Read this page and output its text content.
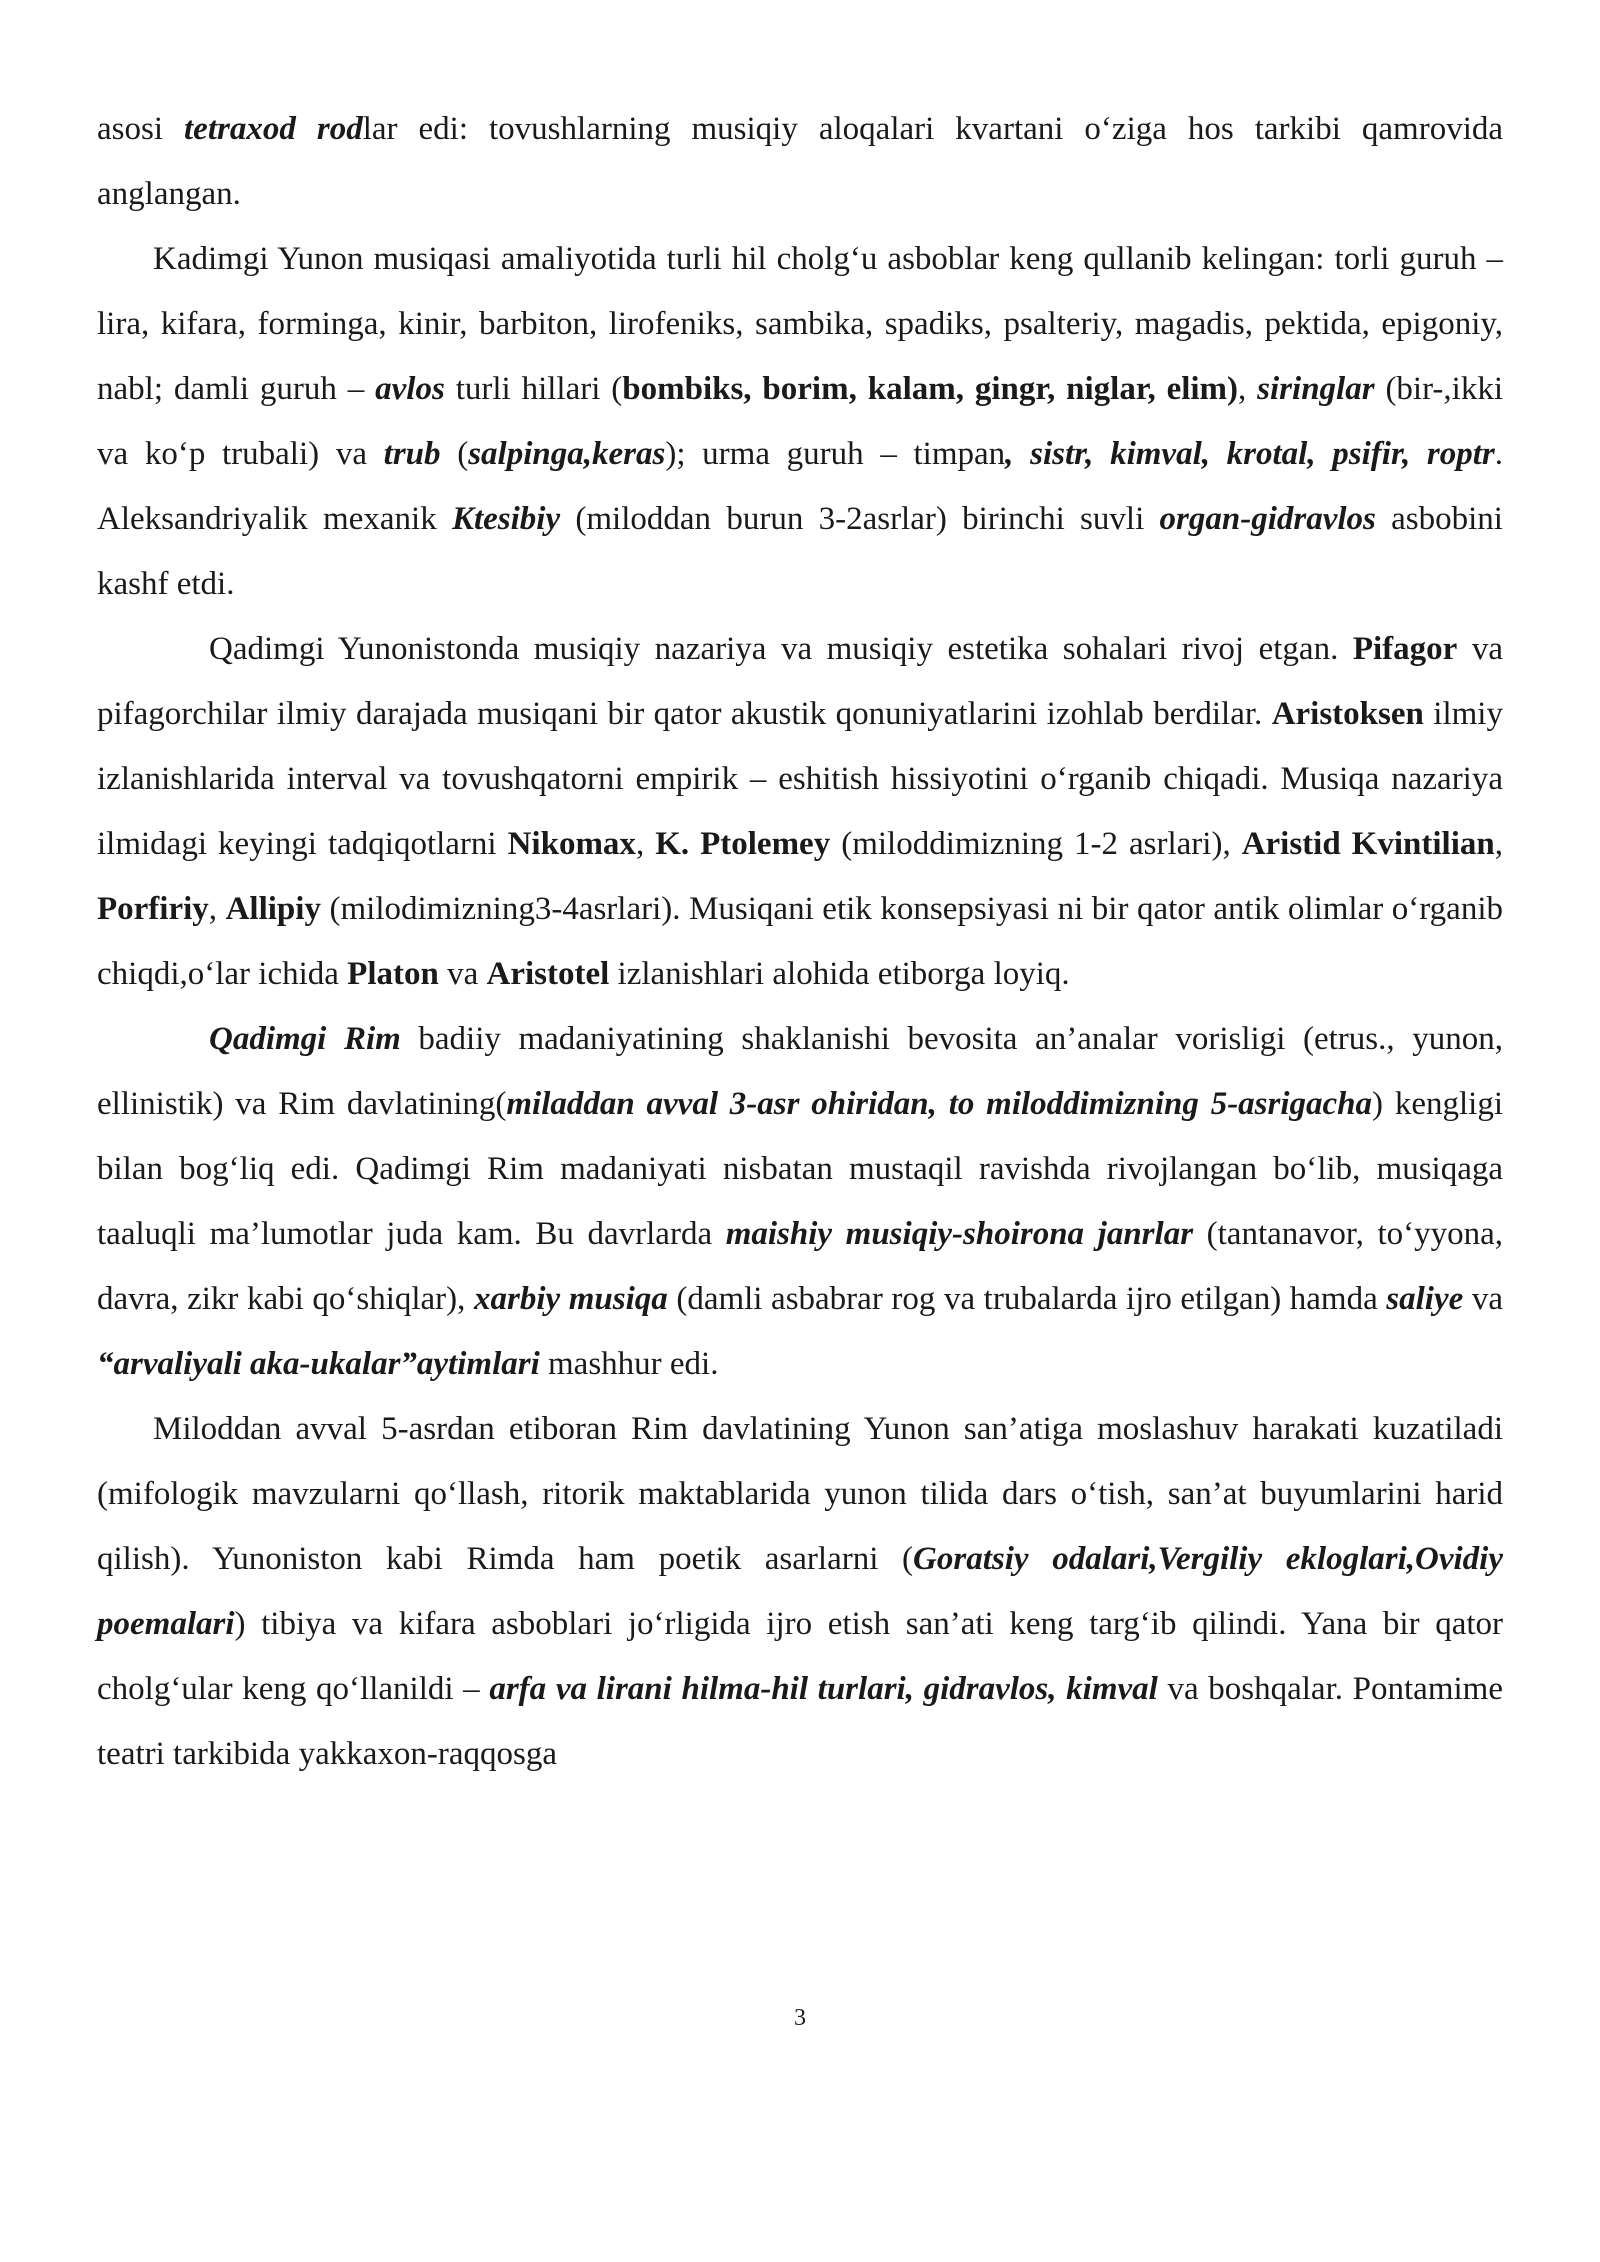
asosi tetraxod rodlar edi: tovushlarning musiqiy aloqalari kvartani oʻziga hos tarkibi qamrovida anglangan.

Kadimgi Yunon musiqasi amaliyotida turli hil cholgʻu asboblar keng qullanib kelingan: torli guruh – lira, kifara, forminga, kinir, barbiton, lirofeniks, sambika, spadiks, psalteriy, magadis, pektida, epigoniy, nabl; damli guruh – avlos turli hillari (bombiks, borim, kalam, gingr, niglar, elim), siringlar (bir-,ikki va koʻp trubali) va trub (salpinga,keras); urma guruh – timpan, sistr, kimval, krotal, psifir, roptr. Aleksandriyalik mexanik Ktesibiy (miloddan burun 3-2asrlar) birinchi suvli organ-gidravlos asbobini kashf etdi.

Qadimgi Yunonistonda musiqiy nazariya va musiqiy estetika sohalari rivoj etgan. Pifagor va pifagorchilar ilmiy darajada musiqani bir qator akustik qonuniyatlarini izohlab berdilar. Aristoksen ilmiy izlanishlarida interval va tovushqatorni empirik – eshitish hissiyotini oʻrganib chiqadi. Musiqa nazariya ilmidagi keyingi tadqiqotlarni Nikomax, K. Ptolemey (miloddimizning 1-2 asrlari), Aristid Kvintilian, Porfiriy, Allipiy (milodimizning3-4asrlari). Musiqani etik konsepsiyasi ni bir qator antik olimlar oʻrganib chiqdi,oʻlar ichida Platon va Aristotel izlanishlari alohida etiborga loyiq.

Qadimgi Rim badiiy madaniyatining shaklanishi bevosita an’analar vorisligi (etrus., yunon, ellinistik) va Rim davlatining(miladdan avval 3-asr ohiridan, to miloddimizning 5-asrigacha) kengligi bilan bogʻliq edi. Qadimgi Rim madaniyati nisbatan mustaqil ravishda rivojlangan boʻlib, musiqaga taaluqli ma’lumotlar juda kam. Bu davrlarda maishiy musiqiy-shoirona janrlar (tantanavor, toʻyyona, davra, zikr kabi qoʻshiqlar), xarbiy musiqa (damli asbabrar rog va trubalarda ijro etilgan) hamda saliye va “arvaliyali aka-ukalar”aytimlari mashhur edi.

Miloddan avval 5-asrdan etiboran Rim davlatining Yunon san’atiga moslashuv harakati kuzatiladi (mifologik mavzularni qoʻllash, ritorik maktablarida yunon tilida dars oʻtish, san’at buyumlarini harid qilish). Yunoniston kabi Rimda ham poetik asarlarni (Goratsiy odalari,Vergiliy ekloglari,Ovidiy poemalari) tibiya va kifara asboblari joʻrligida ijro etish san’ati keng targʻib qilindi. Yana bir qator cholgʻular keng qoʻllanildi – arfa va lirani hilma-hil turlari, gidravlos, kimval va boshqalar. Pontamime teatri tarkibida yakkaxon-raqqosga

3
